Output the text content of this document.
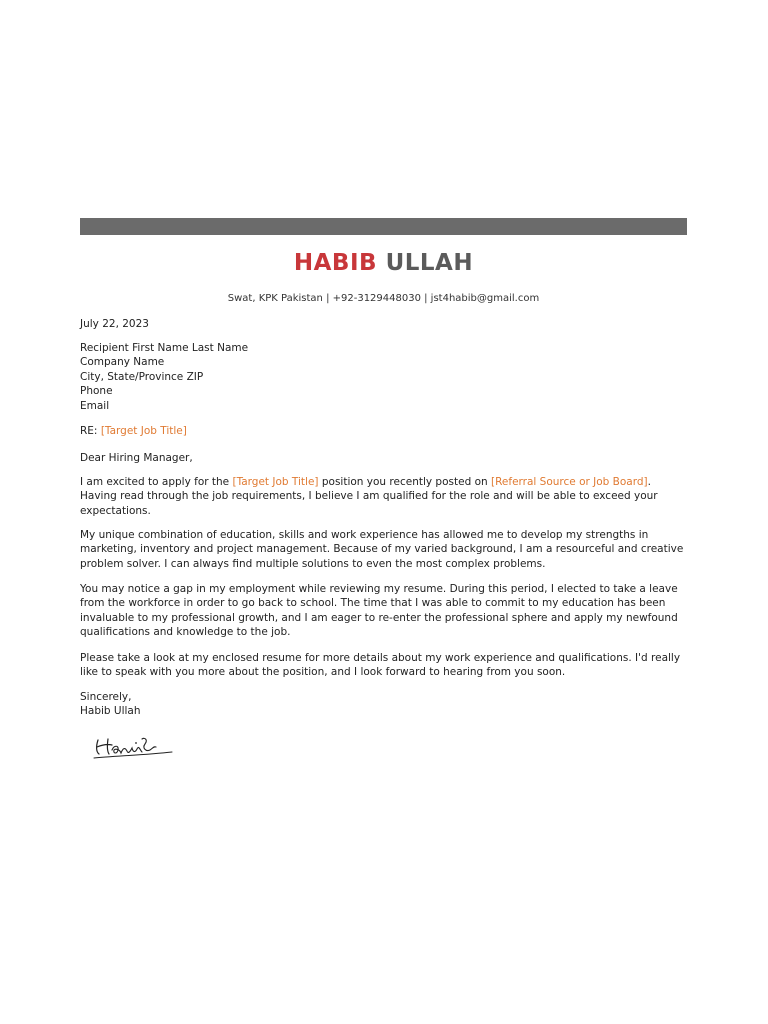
HABIB ULLAH
Swat, KPK Pakistan | +92-3129448030 | jst4habib@gmail.com
July 22, 2023
Recipient First Name Last Name
Company Name
City, State/Province ZIP
Phone
Email
RE: [Target Job Title]
Dear Hiring Manager,
I am excited to apply for the [Target Job Title] position you recently posted on [Referral Source or Job Board]. Having read through the job requirements, I believe I am qualified for the role and will be able to exceed your expectations.
My unique combination of education, skills and work experience has allowed me to develop my strengths in marketing, inventory and project management. Because of my varied background, I am a resourceful and creative problem solver. I can always find multiple solutions to even the most complex problems.
You may notice a gap in my employment while reviewing my resume. During this period, I elected to take a leave from the workforce in order to go back to school. The time that I was able to commit to my education has been invaluable to my professional growth, and I am eager to re-enter the professional sphere and apply my newfound qualifications and knowledge to the job.
Please take a look at my enclosed resume for more details about my work experience and qualifications. I'd really like to speak with you more about the position, and I look forward to hearing from you soon.
Sincerely,
Habib Ullah
